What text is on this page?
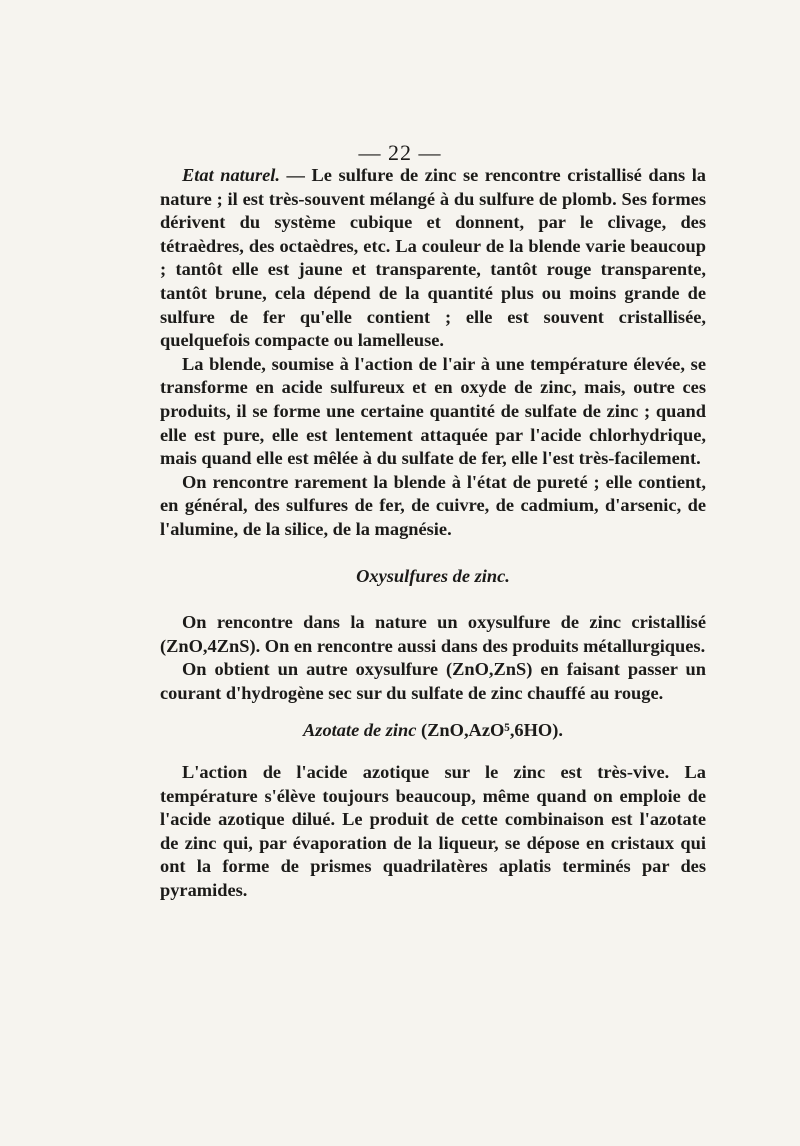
— 22 —

Etat naturel. — Le sulfure de zinc se rencontre cristallisé dans la nature ; il est très-souvent mélangé à du sulfure de plomb. Ses formes dérivent du système cubique et donnent, par le clivage, des tétraèdres, des octaèdres, etc. La couleur de la blende varie beaucoup ; tantôt elle est jaune et transparente, tantôt rouge transparente, tantôt brune, cela dépend de la quantité plus ou moins grande de sulfure de fer qu'elle contient ; elle est souvent cristallisée, quelquefois compacte ou lamelleuse.

La blende, soumise à l'action de l'air à une température élevée, se transforme en acide sulfureux et en oxyde de zinc, mais, outre ces produits, il se forme une certaine quantité de sulfate de zinc ; quand elle est pure, elle est lentement attaquée par l'acide chlorhydrique, mais quand elle est mêlée à du sulfate de fer, elle l'est très-facilement.

On rencontre rarement la blende à l'état de pureté ; elle contient, en général, des sulfures de fer, de cuivre, de cadmium, d'arsenic, de l'alumine, de la silice, de la magnésie.

Oxysulfures de zinc.

On rencontre dans la nature un oxysulfure de zinc cristallisé (ZnO,4ZnS). On en rencontre aussi dans des produits métallurgiques.

On obtient un autre oxysulfure (ZnO,ZnS) en faisant passer un courant d'hydrogène sec sur du sulfate de zinc chauffé au rouge.

Azotate de zinc (ZnO,AzO⁵,6HO).

L'action de l'acide azotique sur le zinc est très-vive. La température s'élève toujours beaucoup, même quand on emploie de l'acide azotique dilué. Le produit de cette combinaison est l'azotate de zinc qui, par évaporation de la liqueur, se dépose en cristaux qui ont la forme de prismes quadrilatères aplatis terminés par des pyramides.
